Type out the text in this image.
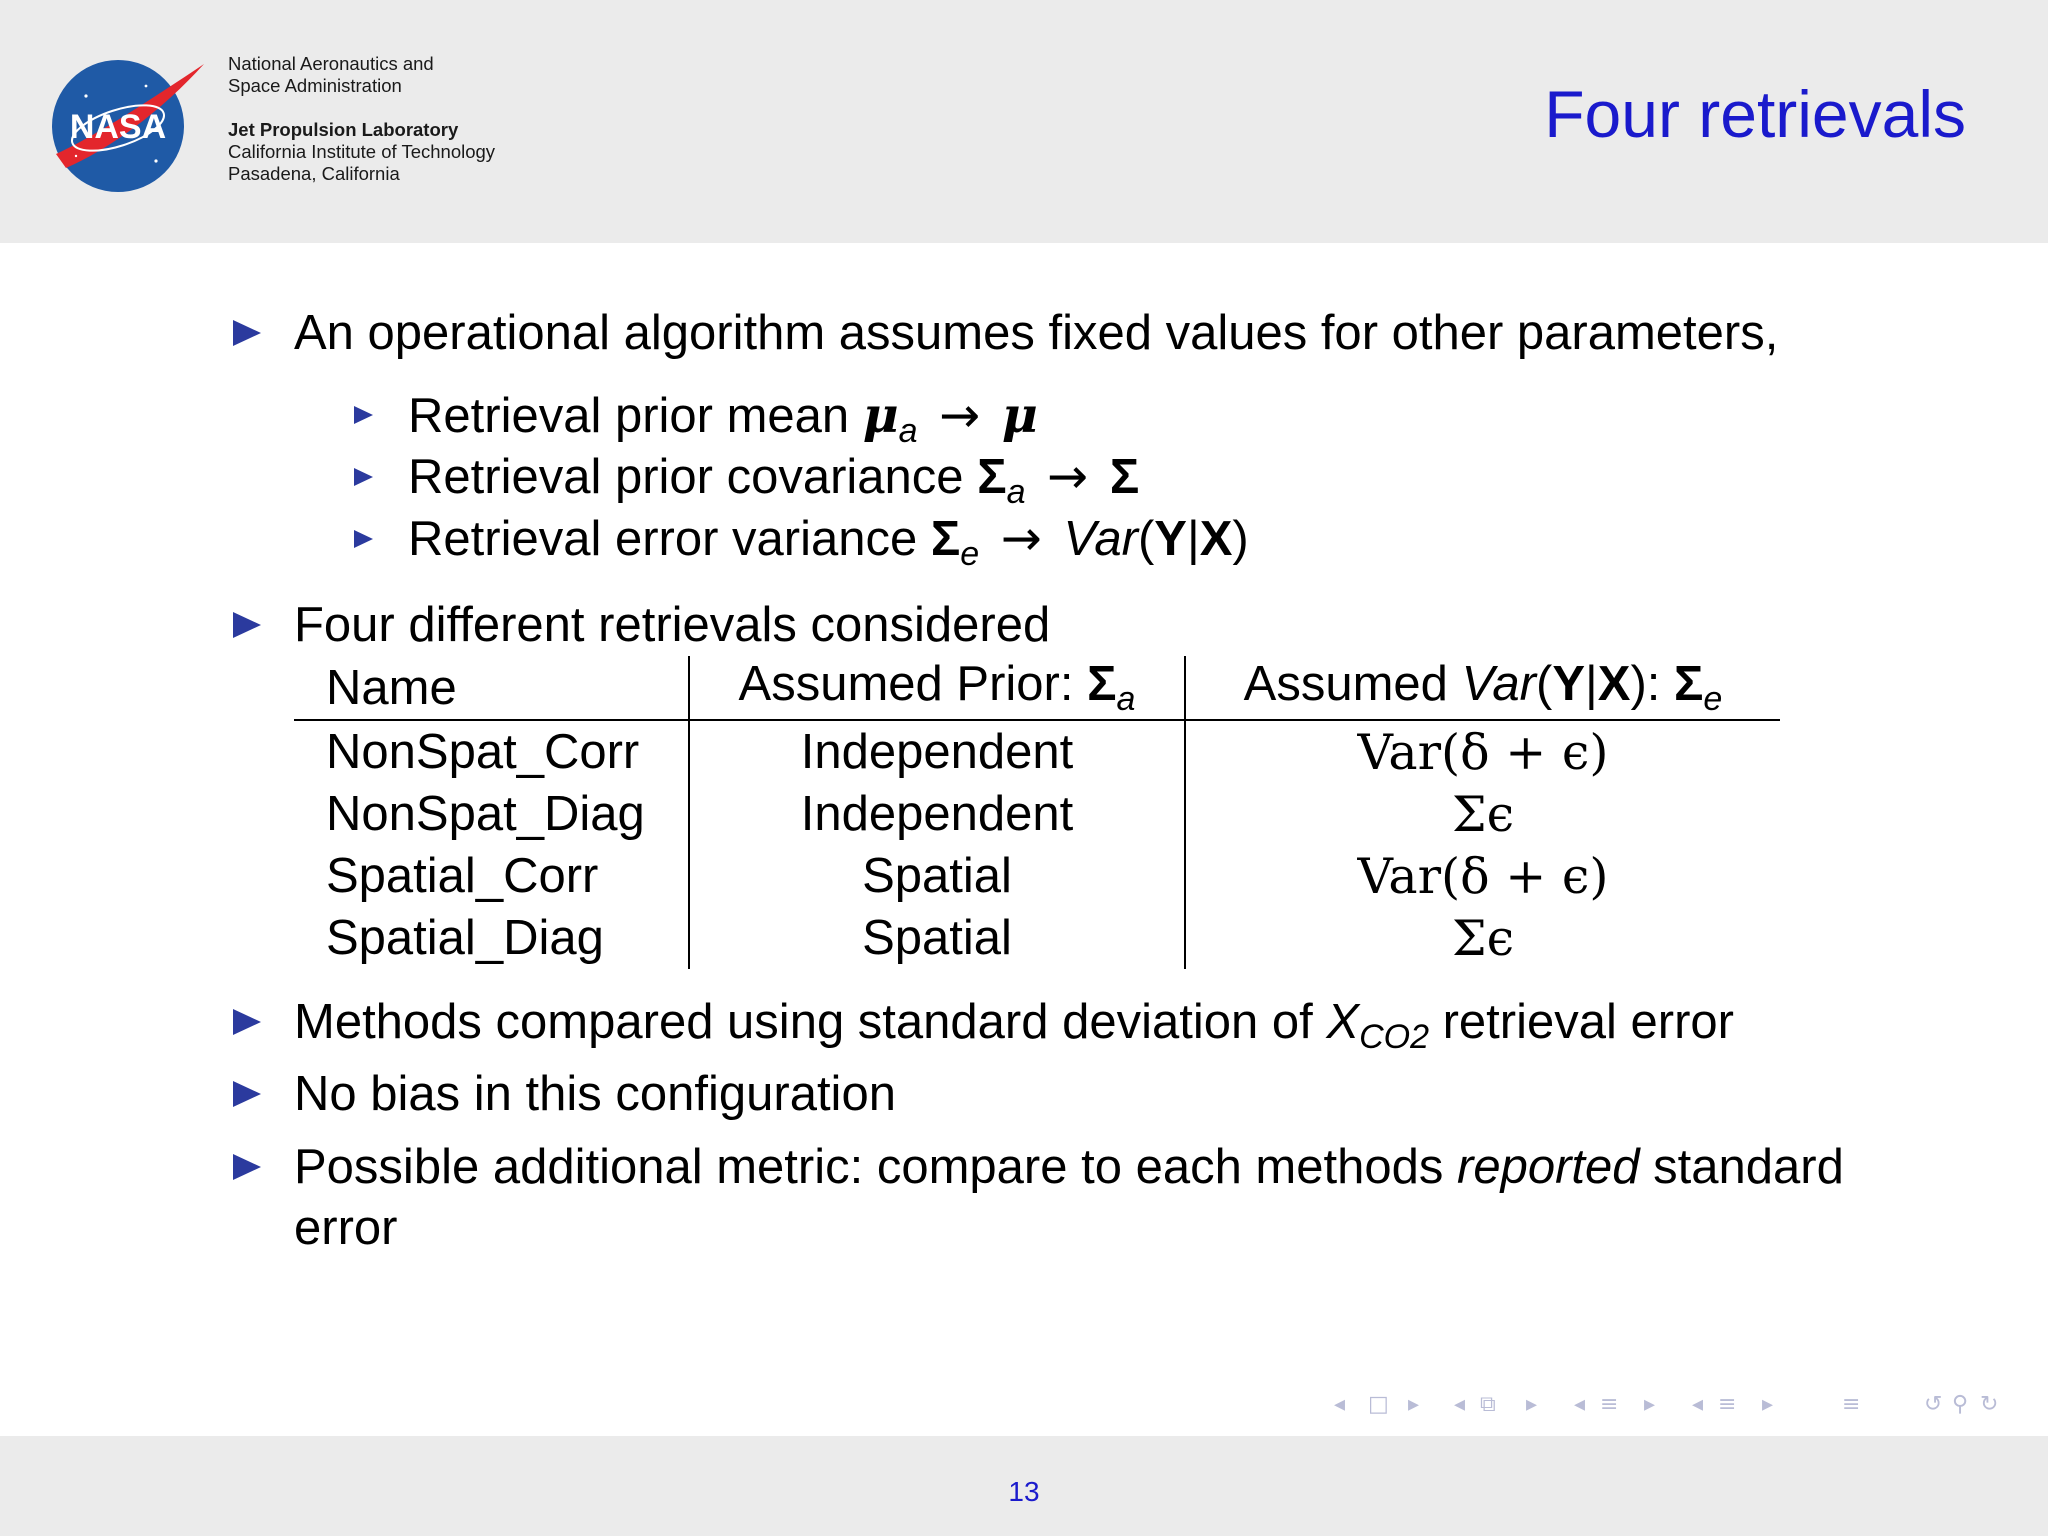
NASA
National Aeronautics and
Space Administration
Jet Propulsion Laboratory
California Institute of Technology
Pasadena, California
Four retrievals
An operational algorithm assumes fixed values for other parameters,
Retrieval prior mean $\mu_a \to \mu$
Retrieval prior covariance $\Sigma_a \to \Sigma$
Retrieval error variance $\Sigma_e \to Var(Y|X)$
Four different retrievals considered
Name	Assumed Prior: $\Sigma_a$	Assumed Var(Y|X): $\Sigma_e$
NonSpat_Corr	Independent	Var(δ + ϵ)
NonSpat_Diag	Independent	Σϵ
Spatial_Corr	Spatial	Var(δ + ϵ)
Spatial_Diag	Spatial	Σϵ
Methods compared using standard deviation of $X_{CO2}$ retrieval error
No bias in this configuration
Possible additional metric: compare to each methods reported standard
error
◂ □ ▸ ◂ ⧉ ▸ ◂ ≡ ▸ ◂ ≡ ▸	≡	↺ ⚲ ↻
13
